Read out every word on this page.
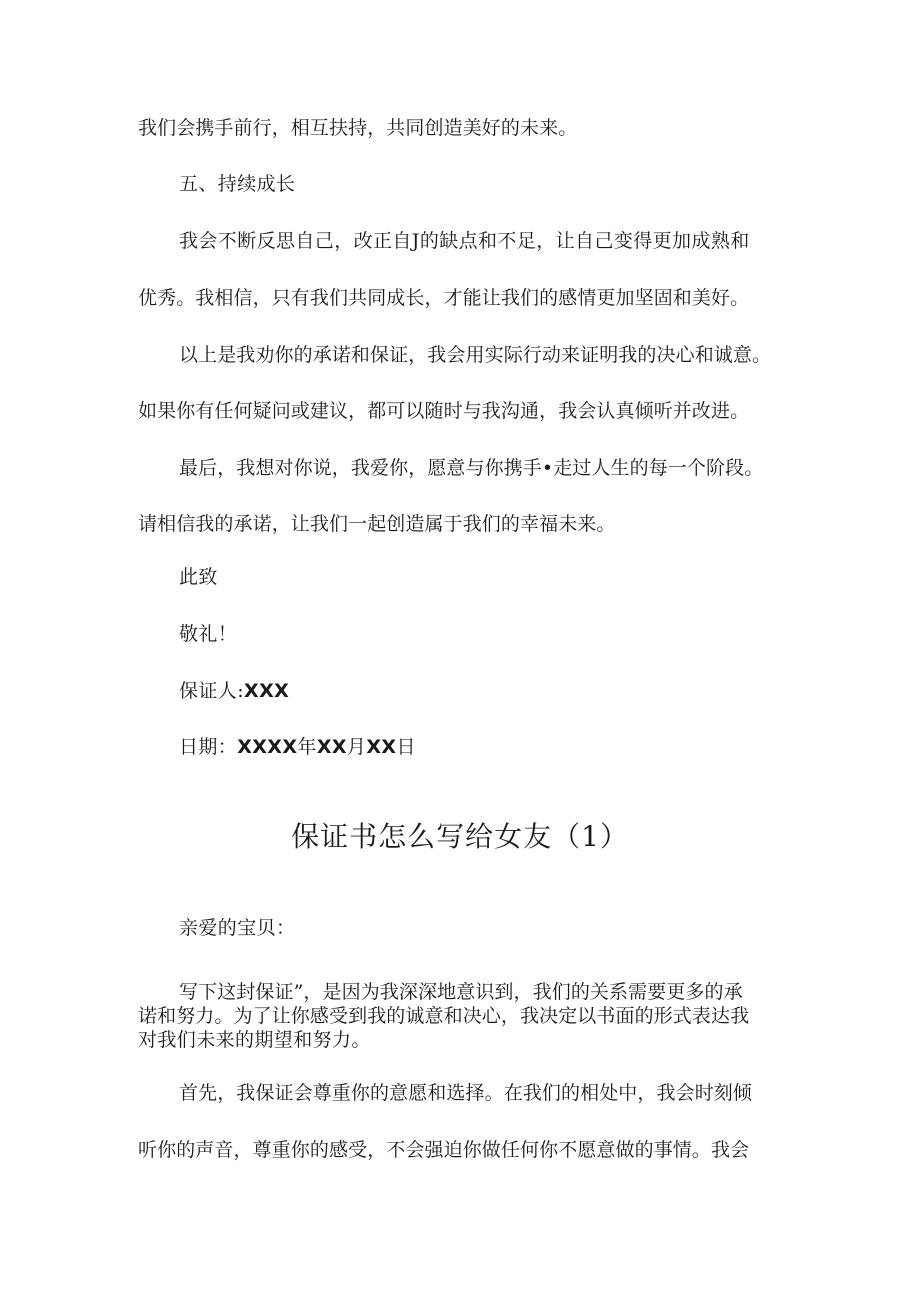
我们会携手前行，相互扶持，共同创造美好的未来。
五、持续成长
我会不断反思自己，改正自J的缺点和不足，让自己变得更加成熟和
优秀。我相信，只有我们共同成长，才能让我们的感情更加坚固和美好。
以上是我劝你的承诺和保证，我会用实际行动来证明我的决心和诚意。
如果你有任何疑问或建议，都可以随时与我沟通，我会认真倾听并改进。
最后，我想对你说，我爱你，愿意与你携手•走过人生的每一个阶段。
请相信我的承诺，让我们一起创造属于我们的幸福未来。
此致
敬礼！
保证人:XXX
日期：XXXX年XX月XX日
保证书怎么写给女友（1）
亲爱的宝贝：
写下这封保证”，是因为我深深地意识到，我们的关系需要更多的承
诺和努力。为了让你感受到我的诚意和决心，我决定以书面的形式表达我
对我们未来的期望和努力。
首先，我保证会尊重你的意愿和选择。在我们的相处中，我会时刻倾
听你的声音，尊重你的感受，不会强迫你做任何你不愿意做的事情。我会
